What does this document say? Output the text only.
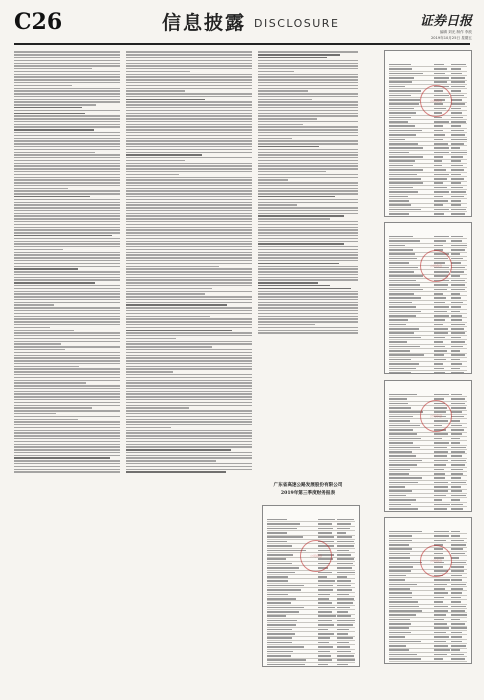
C26	信息披露 DISCLOSURE	证券日报
编辑 刘光 制作 李波
2019年10月25日 星期五
广东省高速公路发展股份有限公司
2019年第三季度财务报表
公司印章
公司印章
公司印章
公司印章
公司印章
